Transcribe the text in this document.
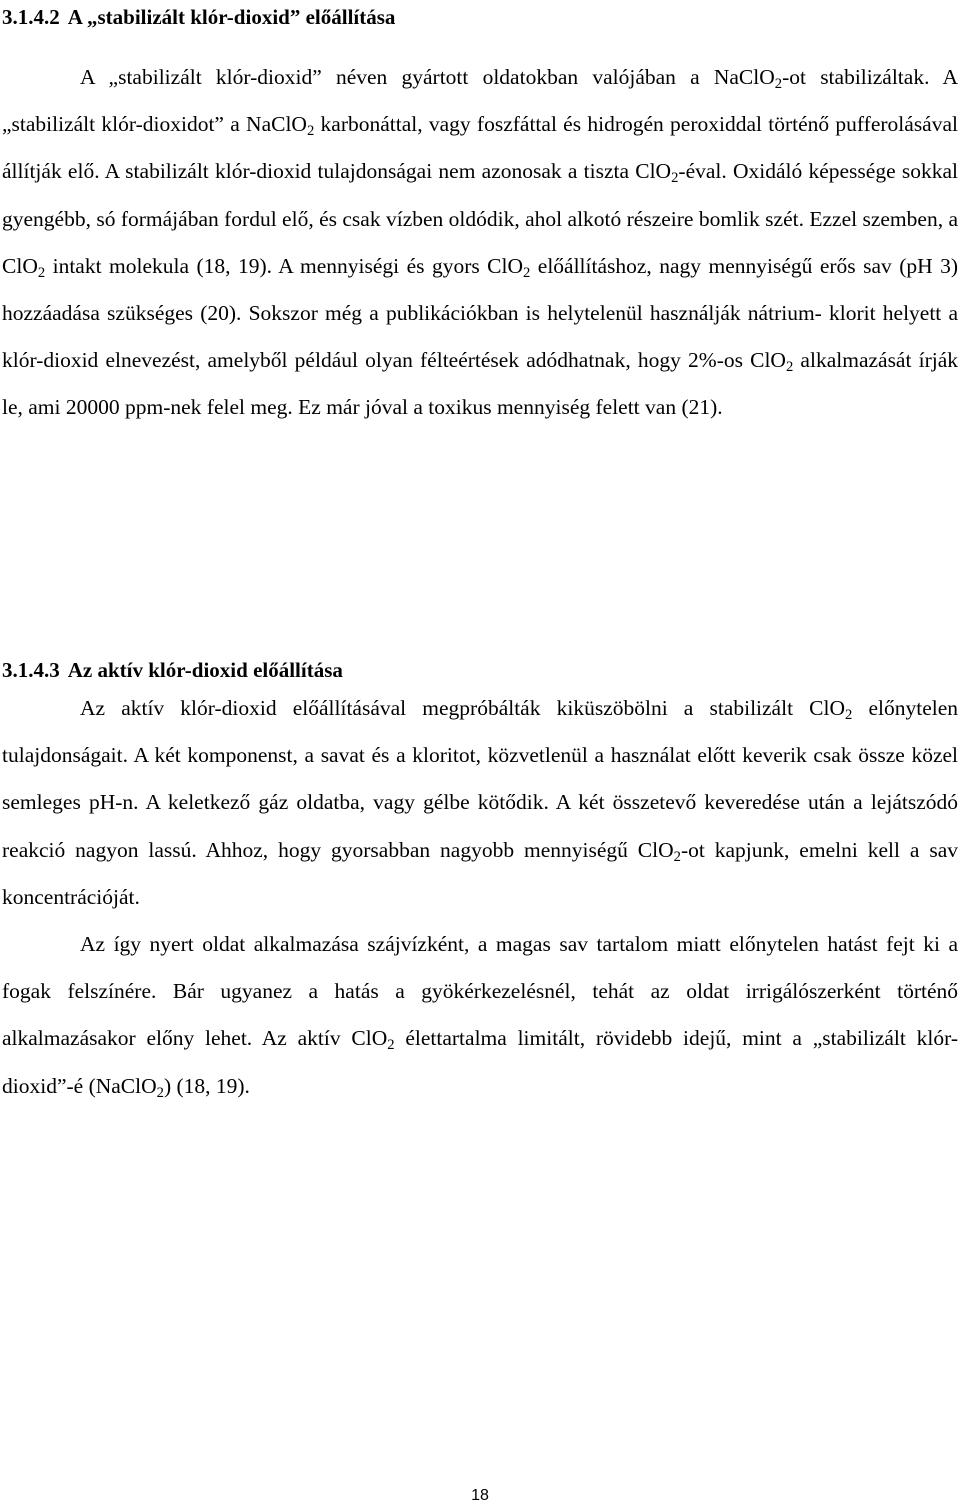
3.1.4.2 A „stabilizált klór-dioxid” előállítása

A „stabilizált klór-dioxid” néven gyártott oldatokban valójában a NaClO$_2$-ot stabilizáltak. A „stabilizált klór-dioxidot” a NaClO$_2$ karbonáttal, vagy foszfáttal és hidrogén peroxiddal történő pufferolásával állítják elő. A stabilizált klór-dioxid tulajdonságai nem azonosak a tiszta ClO$_2$-éval. Oxidáló képessége sokkal gyengébb, só formájában fordul elő, és csak vízben oldódik, ahol alkotó részeire bomlik szét. Ezzel szemben, a ClO$_2$ intakt molekula (18, 19). A mennyiségi és gyors ClO$_2$ előállításhoz, nagy mennyiségű erős sav (pH 3) hozzáadása szükséges (20). Sokszor még a publikációkban is helytelenül használják nátrium- klorit helyett a klór-dioxid elnevezést, amelyből például olyan félteértések adódhatnak, hogy 2%-os ClO$_2$ alkalmazását írják le, ami 20000 ppm-nek felel meg. Ez már jóval a toxikus mennyiség felett van (21).

3.1.4.3 Az aktív klór-dioxid előállítása

Az aktív klór-dioxid előállításával megpróbálták kiküszöbölni a stabilizált ClO$_2$ előnytelen tulajdonságait. A két komponenst, a savat és a kloritot, közvetlenül a használat előtt keverik csak össze közel semleges pH-n. A keletkező gáz oldatba, vagy gélbe kötődik. A két összetevő keveredése után a lejátszódó reakció nagyon lassú. Ahhoz, hogy gyorsabban nagyobb mennyiségű ClO$_2$-ot kapjunk, emelni kell a sav koncentrációját.

Az így nyert oldat alkalmazása szájvízként, a magas sav tartalom miatt előnytelen hatást fejt ki a fogak felszínére. Bár ugyanez a hatás a gyökérkezelésnél, tehát az oldat irrigálószerként történő alkalmazásakor előny lehet. Az aktív ClO$_2$ élettartalma limitált, rövidebb idejű, mint a „stabilizált klór-dioxid”-é (NaClO$_2$) (18, 19).

18
